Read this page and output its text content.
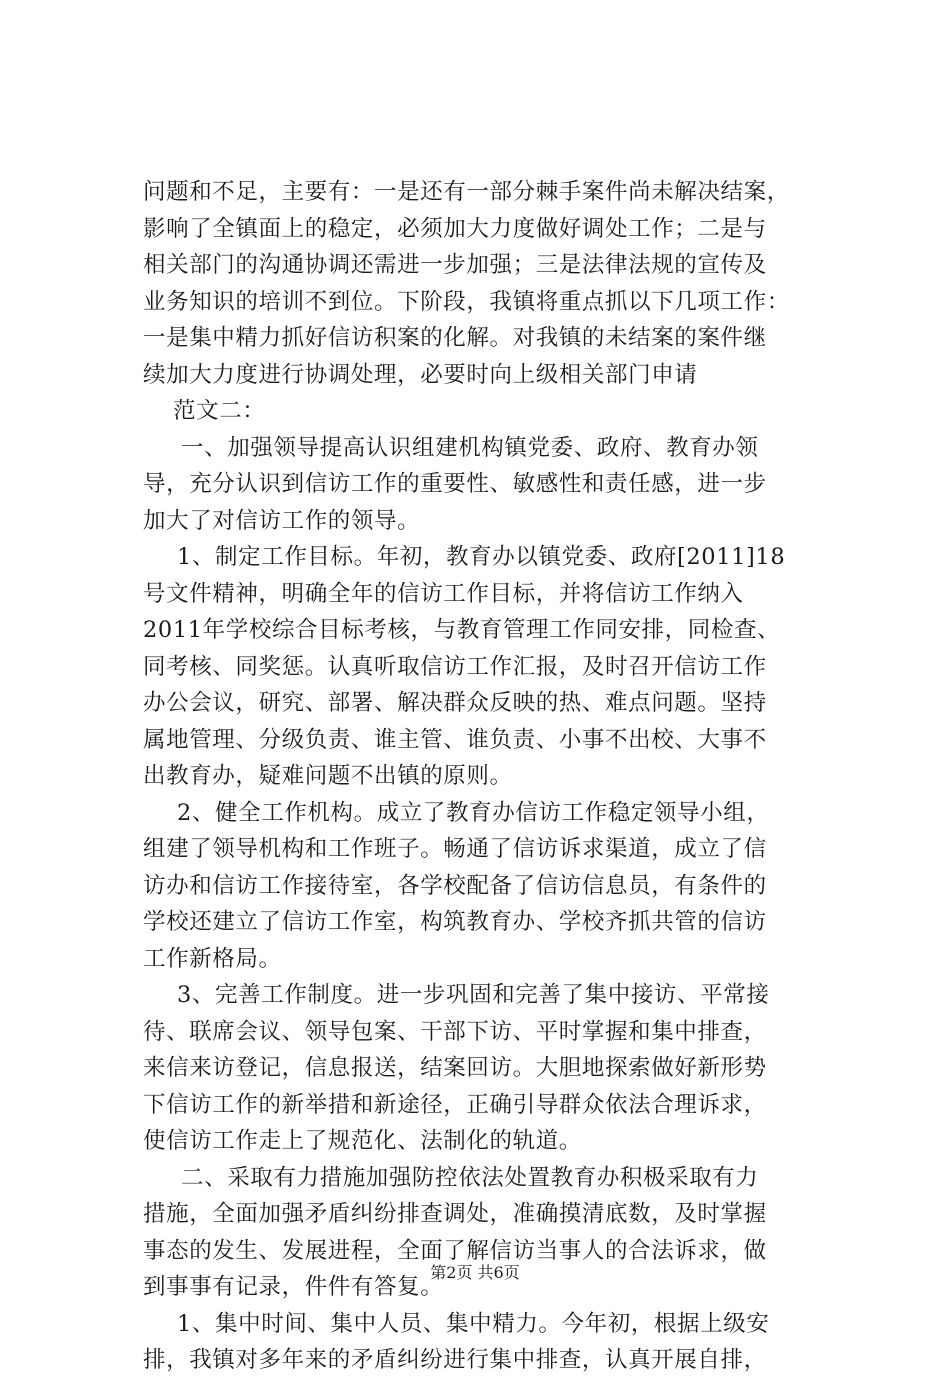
问题和不足，主要有：一是还有一部分棘手案件尚未解决结案，
影响了全镇面上的稳定，必须加大力度做好调处工作；二是与
相关部门的沟通协调还需进一步加强；三是法律法规的宣传及
业务知识的培训不到位。下阶段，我镇将重点抓以下几项工作：
一是集中精力抓好信访积案的化解。对我镇的未结案的案件继
续加大力度进行协调处理，必要时向上级相关部门申请
范文二：
一、加强领导提高认识组建机构镇党委、政府、教育办领
导，充分认识到信访工作的重要性、敏感性和责任感，进一步
加大了对信访工作的领导。
1、制定工作目标。年初，教育办以镇党委、政府[2011]18
号文件精神，明确全年的信访工作目标，并将信访工作纳入
2011年学校综合目标考核，与教育管理工作同安排，同检查、
同考核、同奖惩。认真听取信访工作汇报，及时召开信访工作
办公会议，研究、部署、解决群众反映的热、难点问题。坚持
属地管理、分级负责、谁主管、谁负责、小事不出校、大事不
出教育办，疑难问题不出镇的原则。
2、健全工作机构。成立了教育办信访工作稳定领导小组，
组建了领导机构和工作班子。畅通了信访诉求渠道，成立了信
访办和信访工作接待室，各学校配备了信访信息员，有条件的
学校还建立了信访工作室，构筑教育办、学校齐抓共管的信访
工作新格局。
3、完善工作制度。进一步巩固和完善了集中接访、平常接
待、联席会议、领导包案、干部下访、平时掌握和集中排查，
来信来访登记，信息报送，结案回访。大胆地探索做好新形势
下信访工作的新举措和新途径，正确引导群众依法合理诉求，
使信访工作走上了规范化、法制化的轨道。
二、采取有力措施加强防控依法处置教育办积极采取有力
措施，全面加强矛盾纠纷排查调处，准确摸清底数，及时掌握
事态的发生、发展进程，全面了解信访当事人的合法诉求，做
到事事有记录，件件有答复。
1、集中时间、集中人员、集中精力。今年初，根据上级安
排，我镇对多年来的矛盾纠纷进行集中排查，认真开展自排，
第2页 共6页
